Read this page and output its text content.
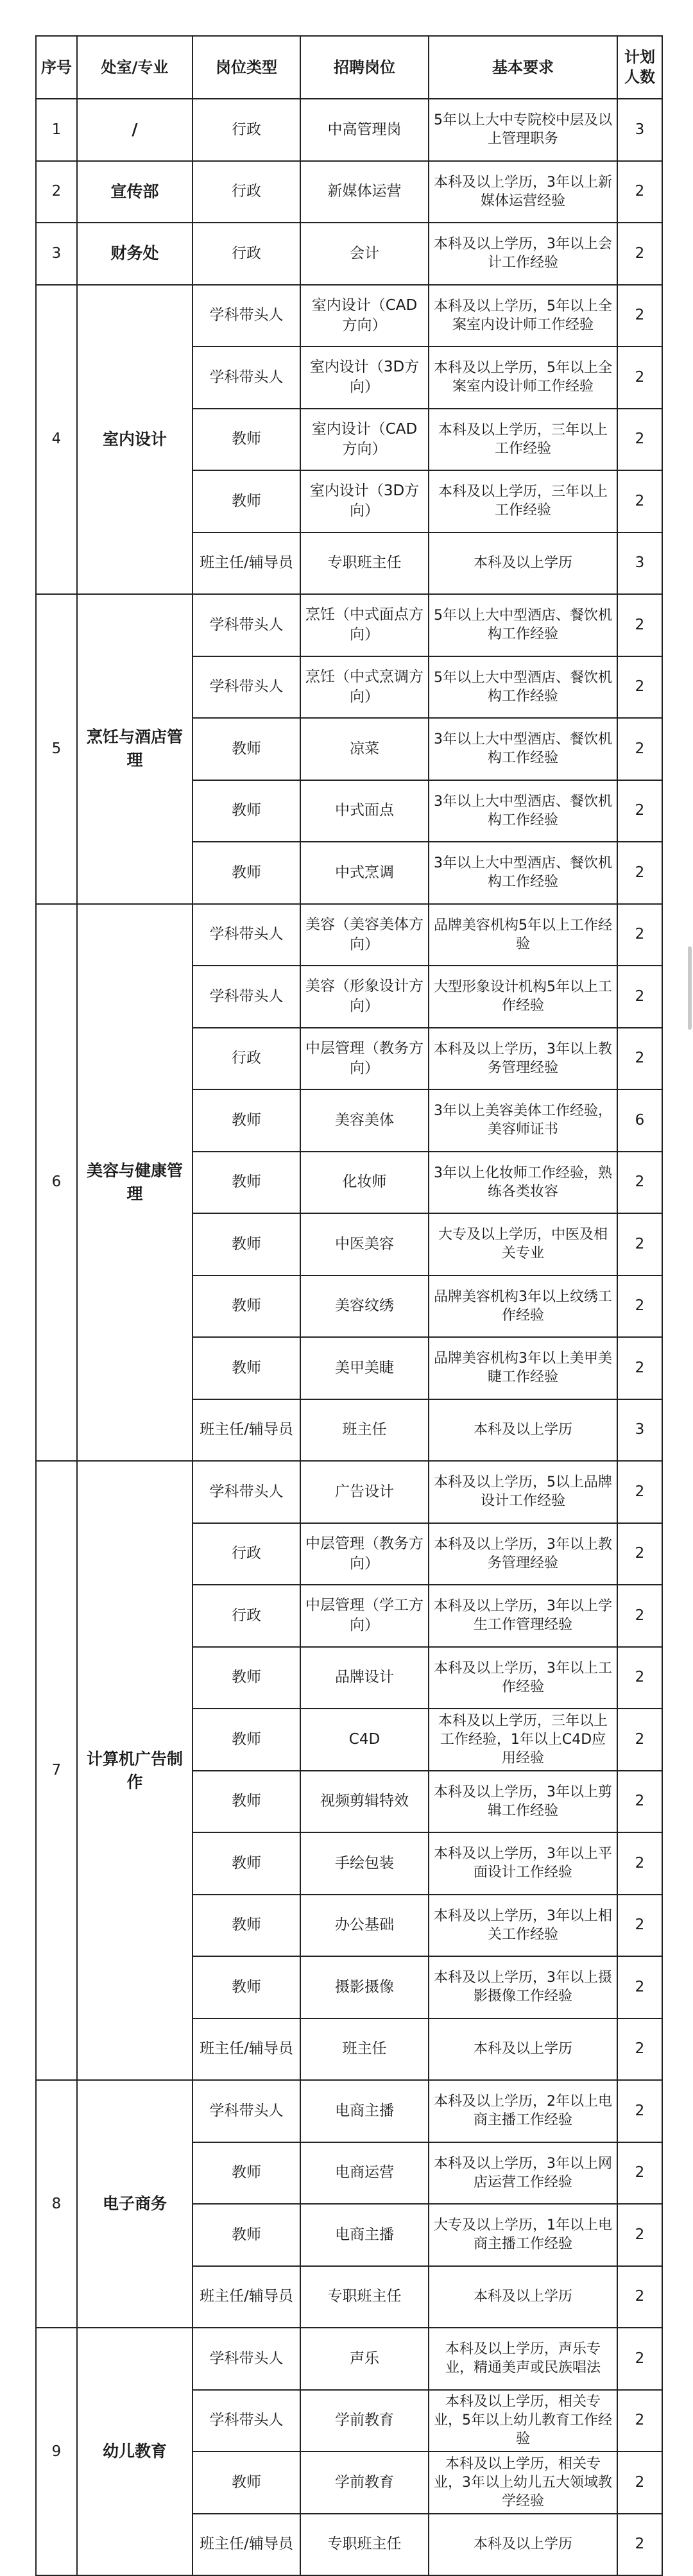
序号	处室/专业	岗位类型	招聘岗位	基本要求	计划人数
1	/	行政	中高管理岗	5年以上大中专院校中层及以上管理职务	3
2	宣传部	行政	新媒体运营	本科及以上学历，3年以上新媒体运营经验	2
3	财务处	行政	会计	本科及以上学历，3年以上会计工作经验	2
4	室内设计	学科带头人	室内设计（CAD方向）	本科及以上学历，5年以上全案室内设计师工作经验	2
		学科带头人	室内设计（3D方向）	本科及以上学历，5年以上全案室内设计师工作经验	2
		教师	室内设计（CAD方向）	本科及以上学历，三年以上工作经验	2
		教师	室内设计（3D方向）	本科及以上学历，三年以上工作经验	2
		班主任/辅导员	专职班主任	本科及以上学历	3
5	烹饪与酒店管理	学科带头人	烹饪（中式面点方向）	5年以上大中型酒店、餐饮机构工作经验	2
		学科带头人	烹饪（中式烹调方向）	5年以上大中型酒店、餐饮机构工作经验	2
		教师	凉菜	3年以上大中型酒店、餐饮机构工作经验	2
		教师	中式面点	3年以上大中型酒店、餐饮机构工作经验	2
		教师	中式烹调	3年以上大中型酒店、餐饮机构工作经验	2
6	美容与健康管理	学科带头人	美容（美容美体方向）	品牌美容机构5年以上工作经验	2
		学科带头人	美容（形象设计方向）	大型形象设计机构5年以上工作经验	2
		行政	中层管理（教务方向）	本科及以上学历，3年以上教务管理经验	2
		教师	美容美体	3年以上美容美体工作经验，美容师证书	6
		教师	化妆师	3年以上化妆师工作经验，熟练各类妆容	2
		教师	中医美容	大专及以上学历，中医及相关专业	2
		教师	美容纹绣	品牌美容机构3年以上纹绣工作经验	2
		教师	美甲美睫	品牌美容机构3年以上美甲美睫工作经验	2
		班主任/辅导员	班主任	本科及以上学历	3
7	计算机广告制作	学科带头人	广告设计	本科及以上学历，5以上品牌设计工作经验	2
		行政	中层管理（教务方向）	本科及以上学历，3年以上教务管理经验	2
		行政	中层管理（学工方向）	本科及以上学历，3年以上学生工作管理经验	2
		教师	品牌设计	本科及以上学历，3年以上工作经验	2
		教师	C4D	本科及以上学历，三年以上工作经验，1年以上C4D应用经验	2
		教师	视频剪辑特效	本科及以上学历，3年以上剪辑工作经验	2
		教师	手绘包装	本科及以上学历，3年以上平面设计工作经验	2
		教师	办公基础	本科及以上学历，3年以上相关工作经验	2
		教师	摄影摄像	本科及以上学历，3年以上摄影摄像工作经验	2
		班主任/辅导员	班主任	本科及以上学历	2
8	电子商务	学科带头人	电商主播	本科及以上学历，2年以上电商主播工作经验	2
		教师	电商运营	本科及以上学历，3年以上网店运营工作经验	2
		教师	电商主播	大专及以上学历，1年以上电商主播工作经验	2
		班主任/辅导员	专职班主任	本科及以上学历	2
9	幼儿教育	学科带头人	声乐	本科及以上学历，声乐专业，精通美声或民族唱法	2
		学科带头人	学前教育	本科及以上学历，相关专业，5年以上幼儿教育工作经验	2
		教师	学前教育	本科及以上学历，相关专业，3年以上幼儿五大领域教学经验	2
		班主任/辅导员	专职班主任	本科及以上学历	2
